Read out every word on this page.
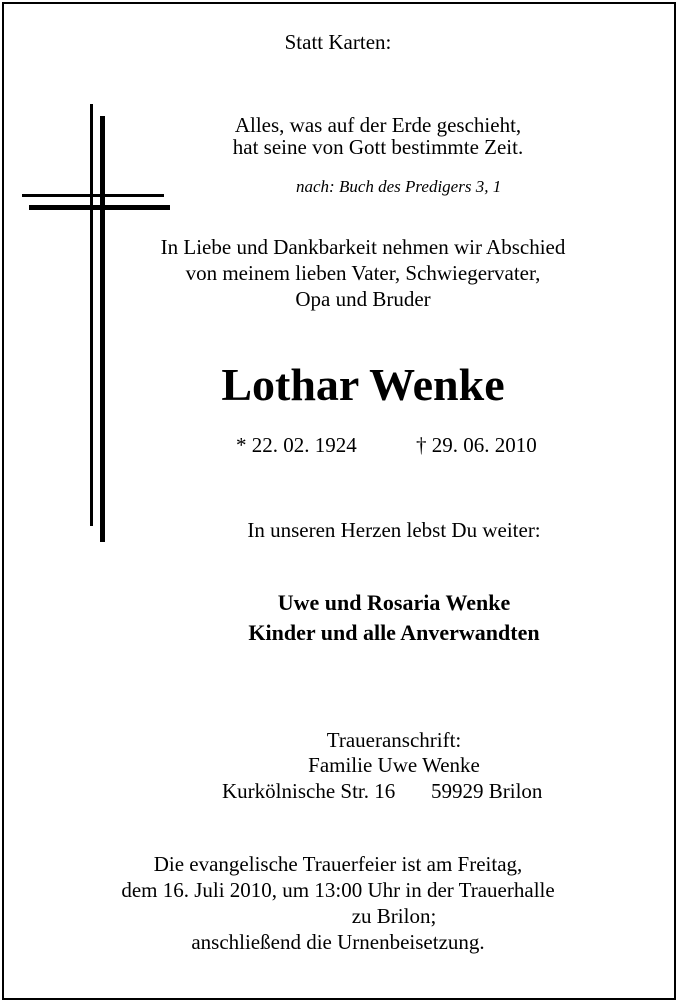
Statt Karten:

Alles, was auf der Erde geschieht,

hat seine von Gott bestimmte Zeit.

nach: Buch des Predigers 3, 1

In Liebe und Dankbarkeit nehmen wir Abschied

von meinem lieben Vater, Schwiegervater,

Opa und Bruder

Lothar Wenke

* 22. 02. 1924	† 29. 06. 2010

In unseren Herzen lebst Du weiter:

Uwe und Rosaria Wenke

Kinder und alle Anverwandten

Traueranschrift:

Familie Uwe Wenke

Kurkölnische Str. 16 59929 Brilon

Die evangelische Trauerfeier ist am Freitag,

dem 16. Juli 2010, um 13:00 Uhr in der Trauerhalle

zu Brilon;

anschließend die Urnenbeisetzung.
